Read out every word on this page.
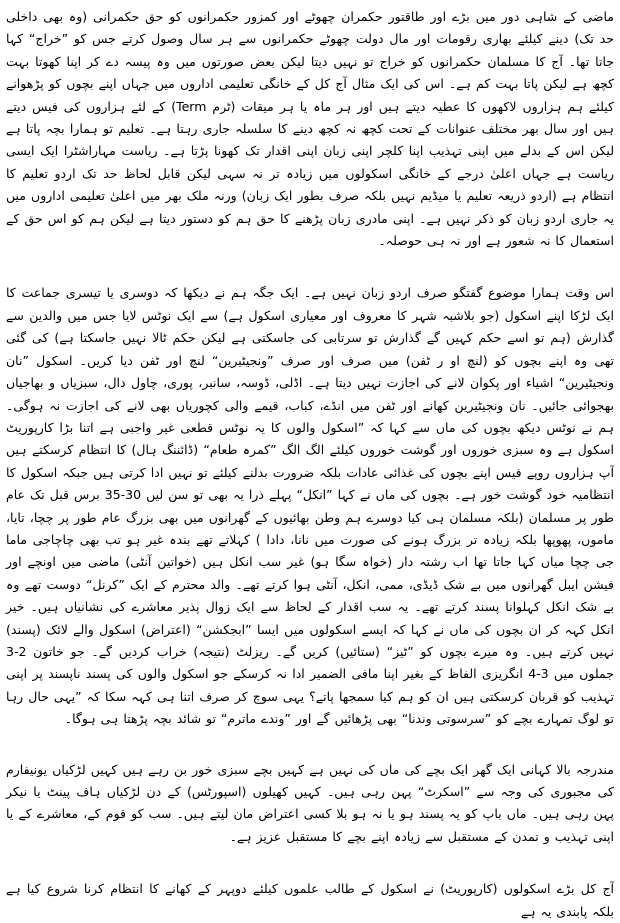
ماضی کے شاہی دور میں بڑے اور طاقتور حکمران چھوٹے اور کمزور حکمرانوں کو حق حکمرانی (وہ بھی داخلی حد تک) دینے کیلئے بھاری رقومات اور مال دولت چھوٹے حکمرانوں سے ہر سال وصول کرتے جس کو ”خراج“ کہا جاتا تھا۔ آج کا مسلمان حکمرانوں کو خراج تو نہیں دیتا لیکن بعض صورتوں میں وہ پیسہ دے کر اپنا کھوتا بہت کچھ ہے لیکن پاتا بہت کم ہے۔ اس کی ایک مثال آج کل کے خانگی تعلیمی اداروں میں جہاں اپنے بچوں کو پڑھوانے کیلئے ہم ہزاروں لاکھوں کا عطیہ دیتے ہیں اور ہر ماہ یا ہر میقات (ٹرم Term) کے لئے ہزاروں کی فیس دیتے ہیں اور سال بھر مختلف عنوانات کے تحت کچھ نہ کچھ دینے کا سلسلہ جاری رہتا ہے۔ تعلیم تو ہمارا بچہ پاتا ہے لیکن اس کے بدلے میں اپنی تہذیب اپنا کلچر اپنی زبان اپنی اقدار تک کھونا پڑتا ہے۔ ریاست مہاراشٹرا ایک ایسی ریاست ہے جہاں اعلیٰ درجے کے خانگی اسکولوں میں زیادہ تر نہ سہی لیکن قابل لحاظ حد تک اردو تعلیم کا انتظام ہے (اردو ذریعہ تعلیم یا میڈیم نہیں بلکہ صرف بطور ایک زبان) ورنہ ملک بھر میں اعلیٰ تعلیمی اداروں میں یہ جاری اردو زبان کو ذکر نہیں ہے۔ اپنی مادری زبان پڑھنے کا حق ہم کو دستور دیتا ہے لیکن ہم کو اس حق کے استعمال کا نہ شعور ہے اور نہ ہی حوصلہ۔

اس وقت ہمارا موضوع گفتگو صرف اردو زبان نہیں ہے۔ ایک جگہ ہم نے دیکھا کہ دوسری یا تیسری جماعت کا ایک لڑکا اپنے اسکول (جو بلاشبہ شہر کا معروف اور معیاری اسکول ہے) سے ایک نوٹس لایا جس میں والدین سے گذارش (ہم تو اسے حکم کہیں گے گذارش تو سرتابی کی جاسکتی ہے لیکن حکم ٹالا نہیں جاسکتا ہے) کی گئی تھی وہ اپنے بچوں کو (لنچ او ر ٹفن) میں صرف اور صرف ”ونجیٹیرین“ لنچ اور ٹفن دیا کریں۔ اسکول ”نان ونجیٹیرین“ اشیاء اور پکوان لانے کی اجازت نہیں دیتا ہے۔ اڈلی، ڈوسہ، سانبر، پوری، چاول دال، سبزیاں و بھاجیاں بھجوائی جائیں۔ نان ونجیٹیرین کھانے اور ٹفن میں انڈے، کباب، قیمے والی کچوریاں بھی لانے کی اجازت نہ ہوگی۔ ہم نے نوٹس دیکھ بچوں کی ماں سے کہا کہ ”اسکول والوں کا یہ نوٹس قطعی غیر واجبی ہے اتنا بڑا کارپوریٹ اسکول ہے وہ سبزی خوروں اور گوشت خوروں کیلئے الگ الگ ”کمرہ طعام“ (ڈائننگ ہال) کا انتظام کرسکتے ہیں آپ ہزاروں روپے فیس اپنے بچوں کی غذائی عادات بلکہ ضرورت بدلنے کیلئے تو نہیں ادا کرتی ہیں جبکہ اسکول کا انتظامیہ خود گوشت خور ہے۔ بچوں کی ماں نے کہا ”انکل“ پہلے ذرا یہ بھی تو سن لیں 30-35 برس قبل تک عام طور پر مسلمان (بلکہ مسلمان ہی کیا دوسرے ہم وطن بھائیوں کے گھرانوں میں بھی بزرگ عام طور پر چچا، تایا، ماموں، پھوپھا بلکہ زیادہ تر بزرگ ہونے کی صورت میں نانا، دادا ) کہلاتے تھے بندہ غیر ہو تب بھی چاچاجی ماما جی چچا میاں کہا جاتا تھا اب رشتہ دار (خواہ سگا ہو) غیر سب انکل ہیں (خواتین آنٹی) ماضی میں اونچے اور فیشن ایبل گھرانوں میں بے شک ڈیڈی، ممی، انکل، آنٹی ہوا کرتے تھے۔ والد محترم کے ایک ”کرنل“ دوست تھے وہ بے شک انکل کہلوانا پسند کرتے تھے۔ یہ سب اقدار کے لحاظ سے ایک زوال پذیر معاشرے کی نشانیاں ہیں۔ خیر انکل کہہ کر ان بچوں کی ماں نے کہا کہ ایسے اسکولوں میں ایسا ”ابجکشن“ (اعتراض) اسکول والے لائک (پسند) نہیں کرتے ہیں۔ وہ میرے بچوں کو ”ٹیز“ (ستائیں) کریں گے۔ ریزلٹ (نتیجہ) خراب کردیں گے۔ جو خاتون 2-3 جملوں میں 3-4 انگریزی الفاظ کے بغیر اپنا مافی الضمیر ادا نہ کرسکے جو اسکول والوں کی پسند ناپسند پر اپنی تہذیب کو قربان کرسکتی ہیں ان کو ہم کیا سمجھا پاتے؟ یہی سوچ کر صرف اتنا ہی کہہ سکا کہ ”یہی حال رہا تو لوگ تمہارے بچے کو ”سرسوتی وندنا“ بھی پڑھائیں گے اور ”وندے ماترم“ تو شائد بچہ پڑھتا ہی ہوگا۔

مندرجہ بالا کہانی ایک گھر ایک بچے کی ماں کی نہیں ہے کہیں بچے سبزی خور بن رہے ہیں کہیں لڑکیاں یونیفارم کی مجبوری کی وجہ سے ”اسکرٹ“ پہن رہی ہیں۔ کہیں کھیلوں (اسپورٹس) کے دن لڑکیاں ہاف پینٹ یا نیکر پہن رہی ہیں۔ ماں باپ کو یہ پسند ہو یا نہ ہو بلا کسی اعتراض مان لیتے ہیں۔ سب کو قوم کے، معاشرے کے یا اپنی تہذیب و تمدن کے مستقبل سے زیادہ اپنے بچے کا مستقبل عزیز ہے۔

آج کل بڑے اسکولوں (کارپوریٹ) نے اسکول کے طالب علموں کیلئے دوپہر کے کھانے کا انتظام کرنا شروع کیا ہے بلکہ پابندی یہ ہے
